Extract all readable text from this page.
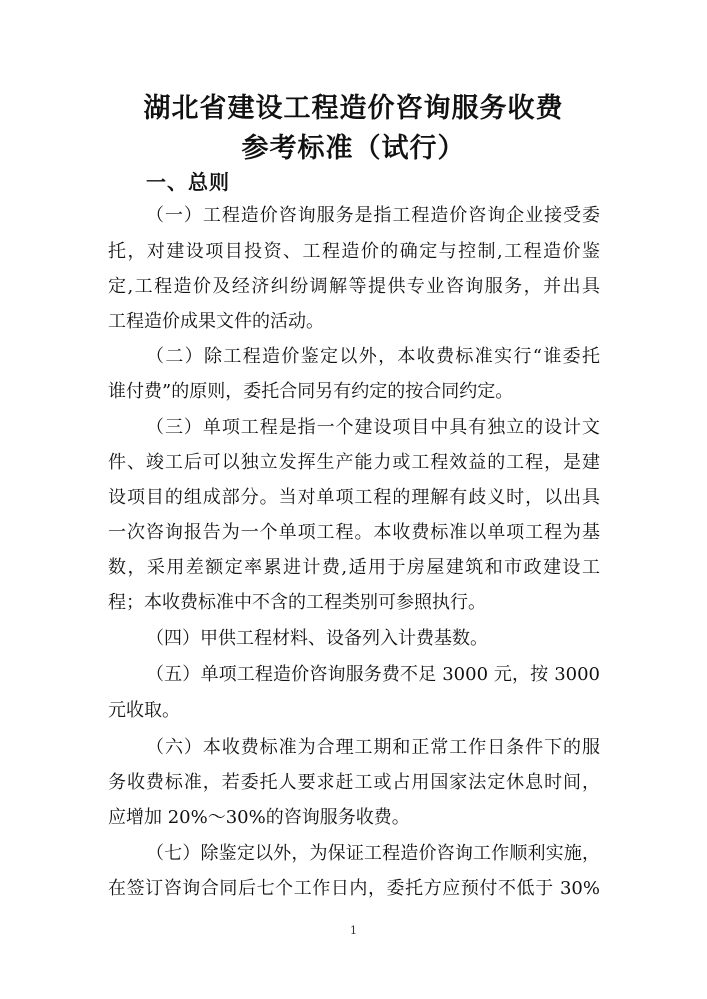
湖北省建设工程造价咨询服务收费
参考标准（试行）
一、总则
（一）工程造价咨询服务是指工程造价咨询企业接受委
托，对建设项目投资、工程造价的确定与控制,工程造价鉴
定,工程造价及经济纠纷调解等提供专业咨询服务，并出具
工程造价成果文件的活动。
（二）除工程造价鉴定以外，本收费标准实行“谁委托
谁付费”的原则，委托合同另有约定的按合同约定。
（三）单项工程是指一个建设项目中具有独立的设计文
件、竣工后可以独立发挥生产能力或工程效益的工程，是建
设项目的组成部分。当对单项工程的理解有歧义时，以出具
一次咨询报告为一个单项工程。本收费标准以单项工程为基
数，采用差额定率累进计费,适用于房屋建筑和市政建设工
程；本收费标准中不含的工程类别可参照执行。
（四）甲供工程材料、设备列入计费基数。
（五）单项工程造价咨询服务费不足 3000 元，按 3000
元收取。
（六）本收费标准为合理工期和正常工作日条件下的服
务收费标准，若委托人要求赶工或占用国家法定休息时间，
应增加 20%～30%的咨询服务收费。
（七）除鉴定以外，为保证工程造价咨询工作顺利实施，
在签订咨询合同后七个工作日内，委托方应预付不低于 30%
1
